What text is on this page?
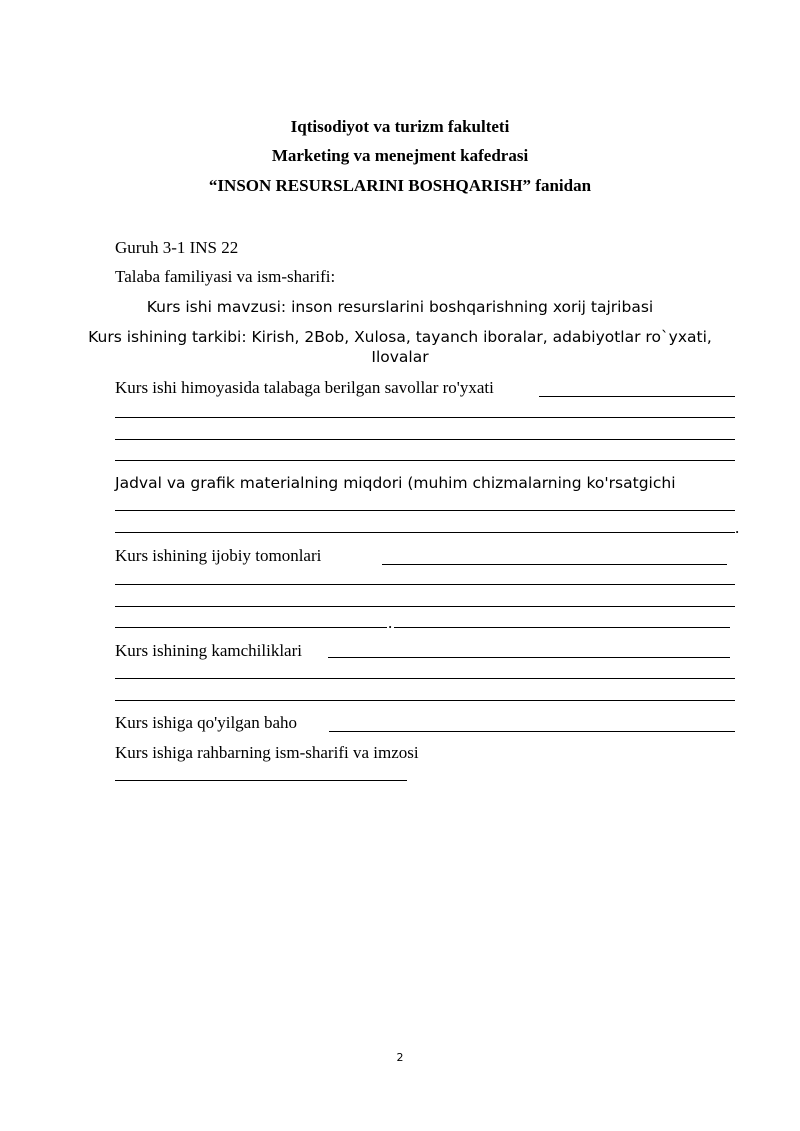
Iqtisodiyot va turizm fakulteti
Marketing va menejment kafedrasi
“INSON RESURSLARINI BOSHQARISH” fanidan
Guruh 3-1 INS 22
Talaba familiyasi va ism-sharifi:
Kurs ishi mavzusi: inson resurslarini boshqarishning xorij tajribasi
Kurs ishining tarkibi: Kirish, 2Bob, Xulosa, tayanch iboralar, adabiyotlar ro`yxati,
Ilovalar
Kurs ishi himoyasida talabaga berilgan savollar ro'yxati
Jadval va grafik materialning miqdori (muhim chizmalarning ko'rsatgichi
.
Kurs ishining ijobiy tomonlari
.
Kurs ishining kamchiliklari
Kurs ishiga qo'yilgan baho
Kurs ishiga rahbarning ism-sharifi va imzosi
2
